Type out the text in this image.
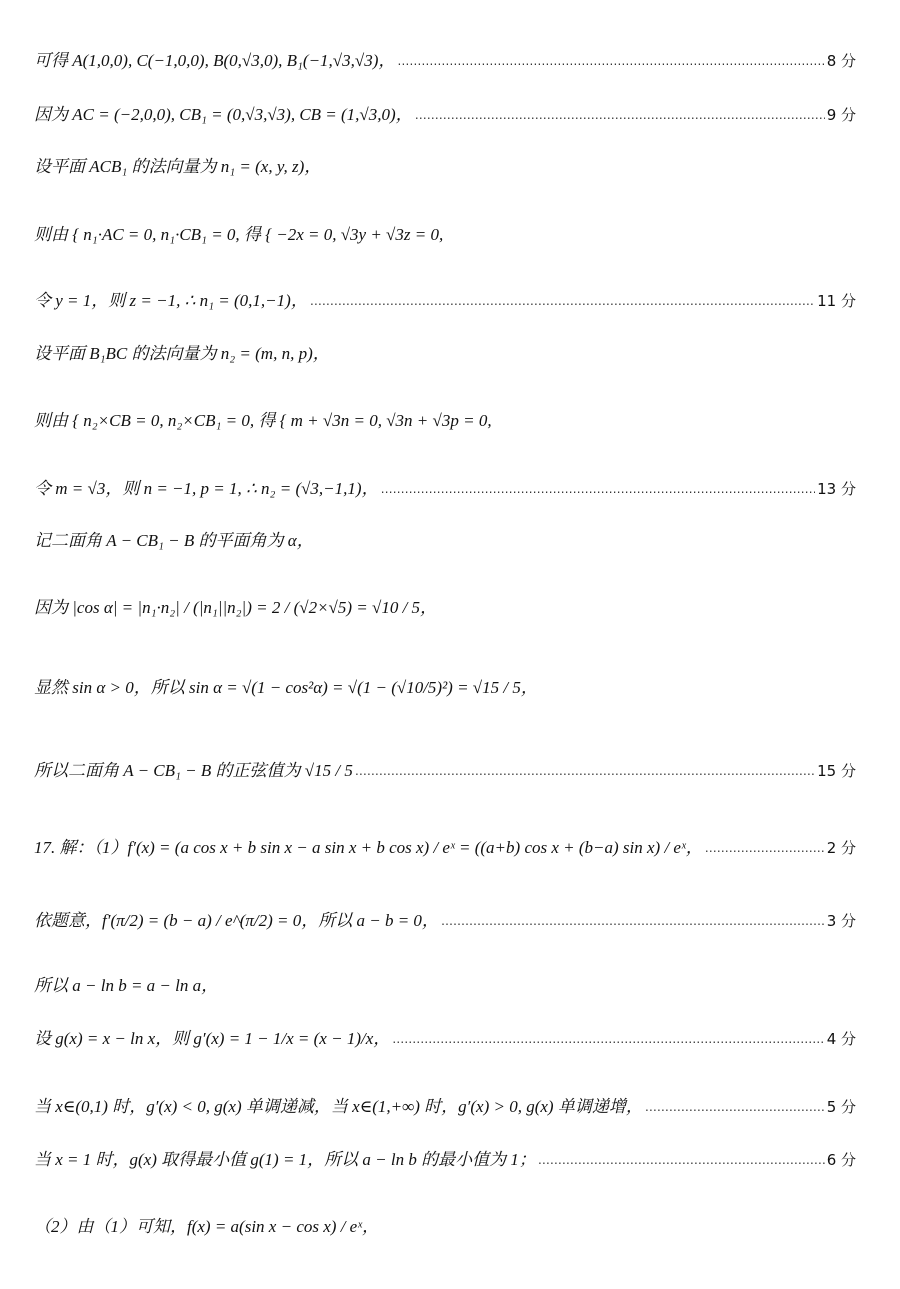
可得 A(1,0,0), C(−1,0,0), B(0,√3,0), B₁(−1,√3,√3)， …………………………………………………………………………………………………………………………………………………………………………………………	8 分
因为 AC = (−2,0,0), CB₁ = (0,√3,√3), CB = (1,√3,0)， …………………………………………………………………………………………………………………………………………………………………………………………	9 分
设平面 ACB₁ 的法向量为 n₁ = (x, y, z)，
则由 { n₁·AC = 0, n₁·CB₁ = 0, 得 { −2x = 0, √3y + √3z = 0,
令 y = 1，则 z = −1, ∴ n₁ = (0,1,−1)， …………………………………………………………………………………………………………………………………………………………………………………………	11 分
设平面 B₁BC 的法向量为 n₂ = (m, n, p)，
则由 { n₂×CB = 0, n₂×CB₁ = 0, 得 { m + √3n = 0, √3n + √3p = 0,
令 m = √3，则 n = −1, p = 1, ∴ n₂ = (√3,−1,1)， …………………………………………………………………………………………………………………………………………………………………………………………	13 分
记二面角 A − CB₁ − B 的平面角为 α，
因为 |cos α| = |n₁·n₂| / (|n₁||n₂|) = 2 / (√2×√5) = √10 / 5，
显然 sin α > 0，所以 sin α = √(1 − cos²α) = √(1 − (√10/5)²) = √15 / 5，
所以二面角 A − CB₁ − B 的正弦值为 √15 / 5 …………………………………………………………………………………………………………………………………………………………………………………………	15 分
17. 解：（1）f′(x) = (a cos x + b sin x − a sin x + b cos x) / eˣ = ((a+b) cos x + (b−a) sin x) / eˣ， …………………………………………………………………………………………………………………………………………………………………………………………	2 分
依题意，f′(π/2) = (b − a) / e^(π/2) = 0，所以 a − b = 0， …………………………………………………………………………………………………………………………………………………………………………………………	3 分
所以 a − ln b = a − ln a，
设 g(x) = x − ln x，则 g′(x) = 1 − 1/x = (x − 1)/x， …………………………………………………………………………………………………………………………………………………………………………………………	4 分
当 x∈(0,1) 时，g′(x) < 0, g(x) 单调递减，当 x∈(1,+∞) 时，g′(x) > 0, g(x) 单调递增， …………………………………………………………………………………………………………………………………………………………………………………………	5 分
当 x = 1 时，g(x) 取得最小值 g(1) = 1，所以 a − ln b 的最小值为 1； …………………………………………………………………………………………………………………………………………………………………………………………	6 分
（2）由（1）可知，f(x) = a(sin x − cos x) / eˣ，
